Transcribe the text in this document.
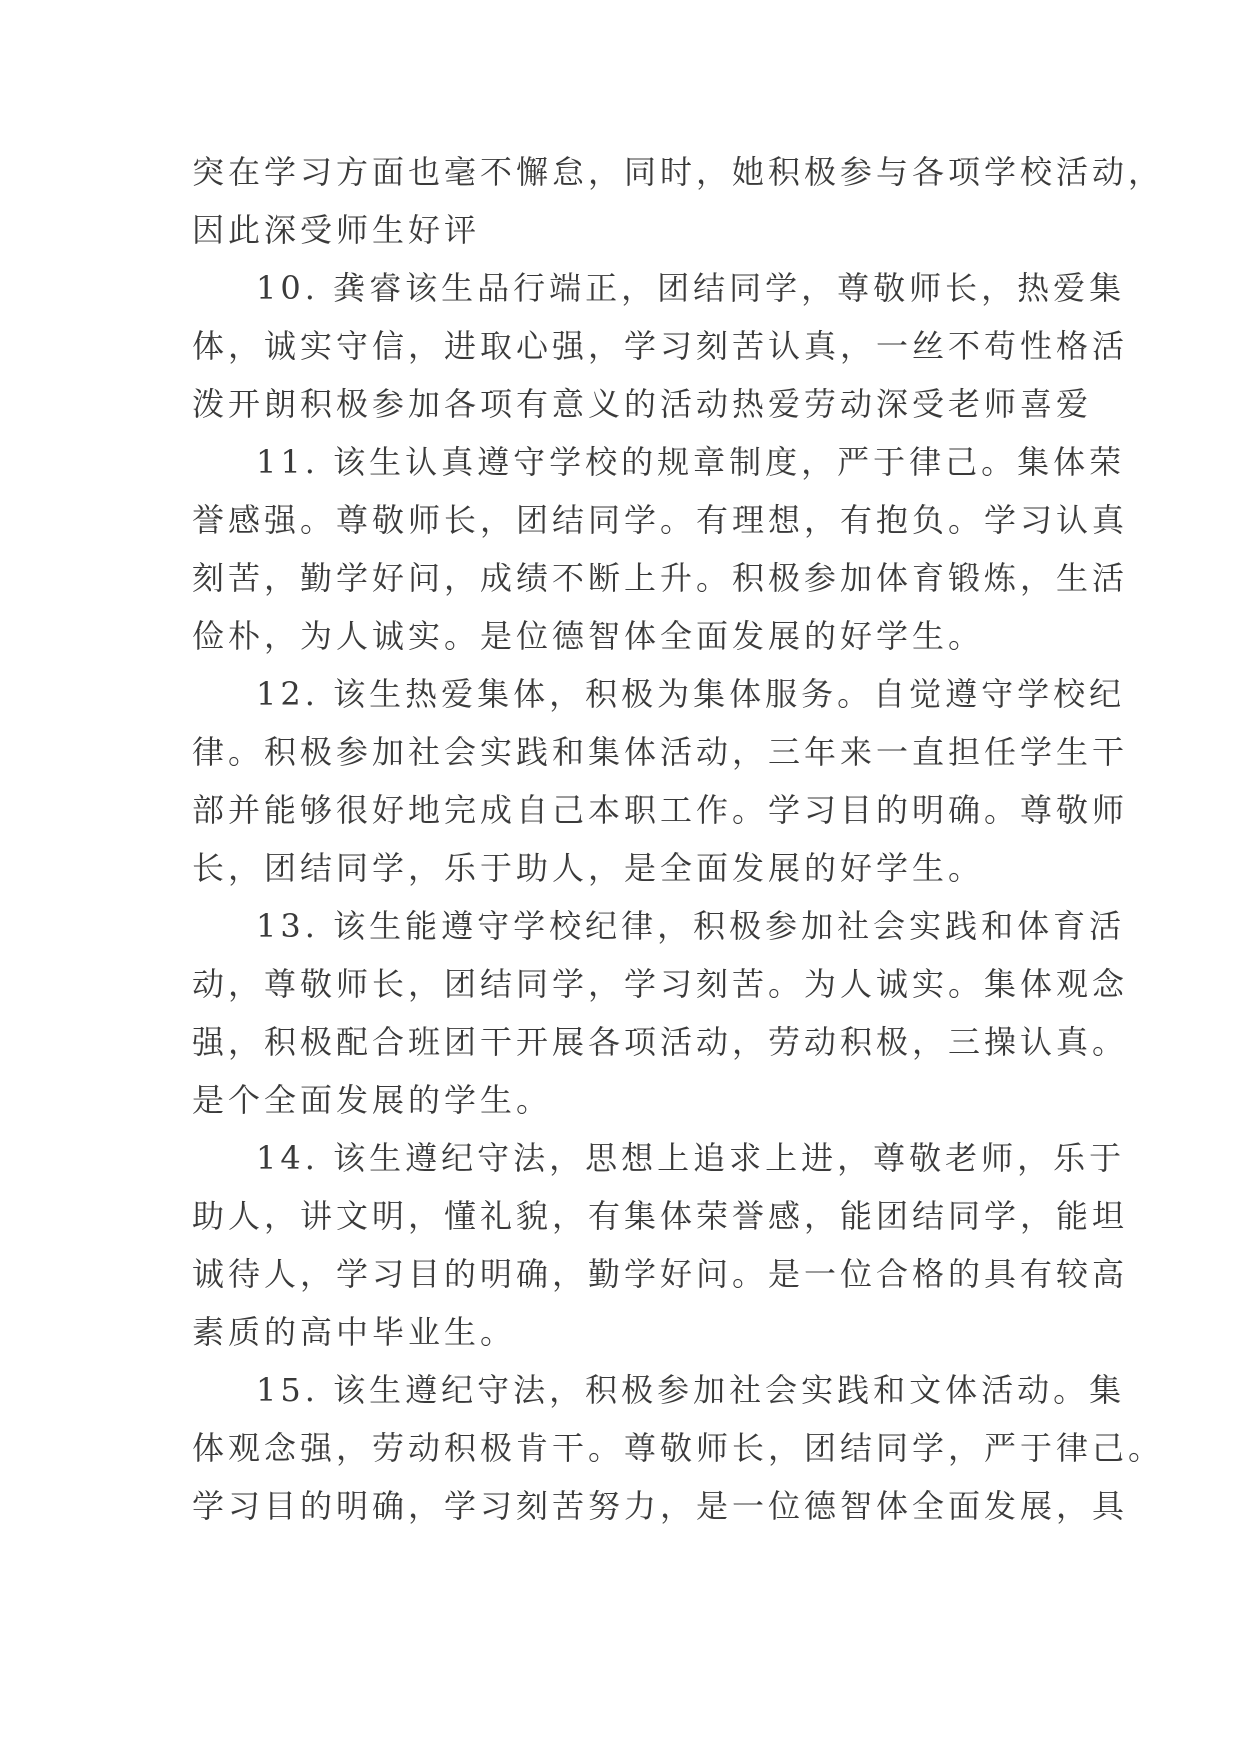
突在学习方面也毫不懈怠，同时，她积极参与各项学校活动，
因此深受师生好评
10. 龚睿该生品行端正，团结同学，尊敬师长，热爱集
体，诚实守信，进取心强，学习刻苦认真，一丝不苟性格活
泼开朗积极参加各项有意义的活动热爱劳动深受老师喜爱
11. 该生认真遵守学校的规章制度，严于律己。集体荣
誉感强。尊敬师长，团结同学。有理想，有抱负。学习认真
刻苦，勤学好问，成绩不断上升。积极参加体育锻炼，生活
俭朴，为人诚实。是位德智体全面发展的好学生。
12. 该生热爱集体，积极为集体服务。自觉遵守学校纪
律。积极参加社会实践和集体活动，三年来一直担任学生干
部并能够很好地完成自己本职工作。学习目的明确。尊敬师
长，团结同学，乐于助人，是全面发展的好学生。
13. 该生能遵守学校纪律，积极参加社会实践和体育活
动，尊敬师长，团结同学，学习刻苦。为人诚实。集体观念
强，积极配合班团干开展各项活动，劳动积极，三操认真。
是个全面发展的学生。
14. 该生遵纪守法，思想上追求上进，尊敬老师，乐于
助人，讲文明，懂礼貌，有集体荣誉感，能团结同学，能坦
诚待人，学习目的明确，勤学好问。是一位合格的具有较高
素质的高中毕业生。
15. 该生遵纪守法，积极参加社会实践和文体活动。集
体观念强，劳动积极肯干。尊敬师长，团结同学，严于律己。
学习目的明确，学习刻苦努力，是一位德智体全面发展，具
